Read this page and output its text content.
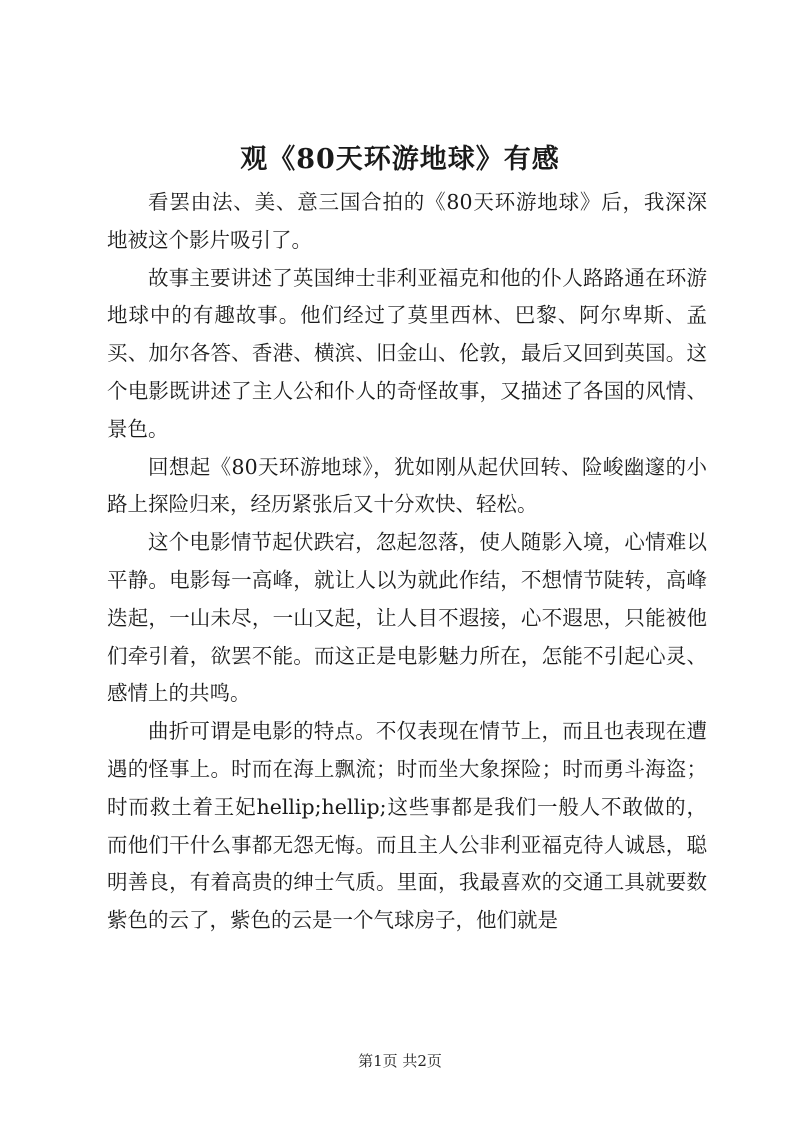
观《80天环游地球》有感

看罢由法、美、意三国合拍的《80天环游地球》后，我深深地被这个影片吸引了。

故事主要讲述了英国绅士非利亚福克和他的仆人路路通在环游地球中的有趣故事。他们经过了莫里西林、巴黎、阿尔卑斯、孟买、加尔各答、香港、横滨、旧金山、伦敦，最后又回到英国。这个电影既讲述了主人公和仆人的奇怪故事，又描述了各国的风情、景色。

回想起《80天环游地球》，犹如刚从起伏回转、险峻幽邃的小路上探险归来，经历紧张后又十分欢快、轻松。

这个电影情节起伏跌宕，忽起忽落，使人随影入境，心情难以平静。电影每一高峰，就让人以为就此作结，不想情节陡转，高峰迭起，一山未尽，一山又起，让人目不遐接，心不遐思，只能被他们牵引着，欲罢不能。而这正是电影魅力所在，怎能不引起心灵、感情上的共鸣。

曲折可谓是电影的特点。不仅表现在情节上，而且也表现在遭遇的怪事上。时而在海上飘流；时而坐大象探险；时而勇斗海盗；时而救土着王妃hellip;hellip;这些事都是我们一般人不敢做的，而他们干什么事都无怨无悔。而且主人公非利亚福克待人诚恳，聪明善良，有着高贵的绅士气质。里面，我最喜欢的交通工具就要数紫色的云了，紫色的云是一个气球房子，他们就是

第1页 共2页
